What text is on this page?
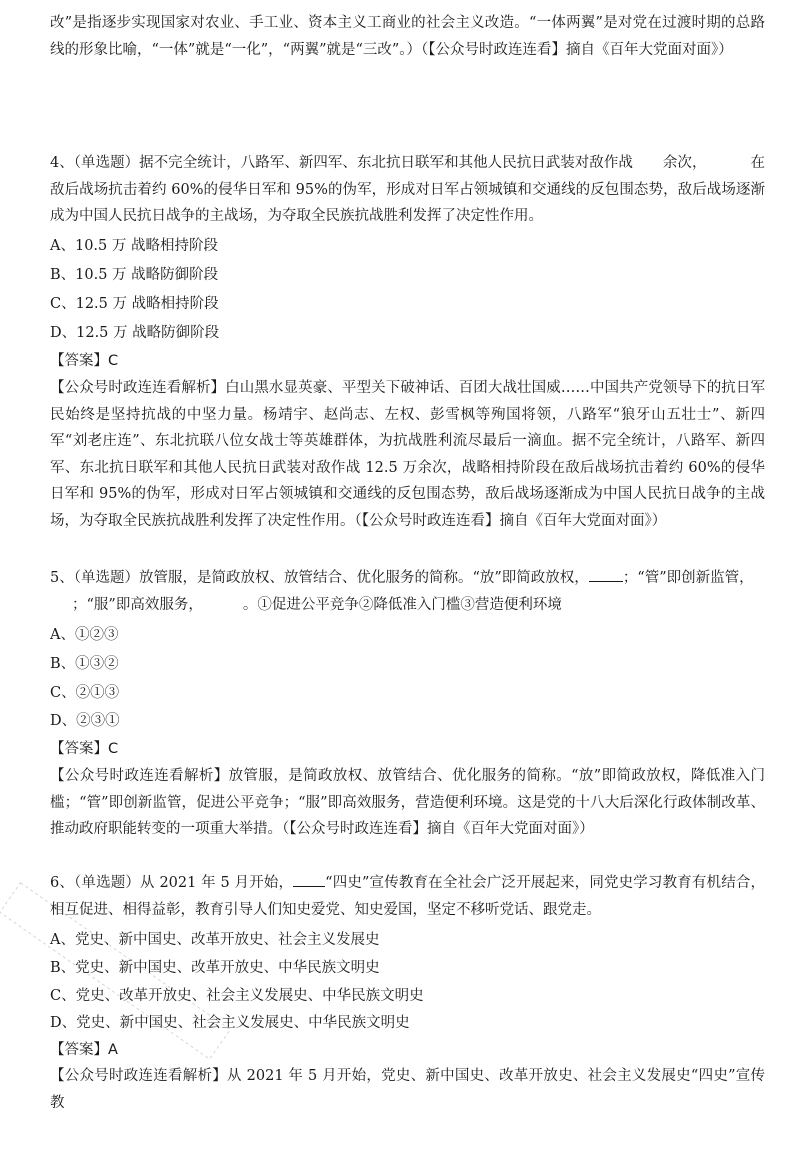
改”是指逐步实现国家对农业、手工业、资本主义工商业的社会主义改造。“一体两翼”是对党在过渡时期的总路线的形象比喻，“一体”就是“一化”，“两翼”就是“三改”。）（【公众号时政连连看】摘自《百年大党面对面》）
4、（单选题）据不完全统计，八路军、新四军、东北抗日联军和其他人民抗日武装对敌作战 余次，	在敌后战场抗击着约 60%的侵华日军和 95%的伪军，形成对日军占领城镇和交通线的反包围态势，敌后战场逐渐成为中国人民抗日战争的主战场，为夺取全民族抗战胜利发挥了决定性作用。
A、10.5 万 战略相持阶段
B、10.5 万 战略防御阶段
C、12.5 万 战略相持阶段
D、12.5 万 战略防御阶段
【答案】C
【公众号时政连连看解析】白山黑水显英豪、平型关下破神话、百团大战壮国威……中国共产党领导下的抗日军民始终是坚持抗战的中坚力量。杨靖宇、赵尚志、左权、彭雪枫等殉国将领，八路军“狼牙山五壮士”、新四军“刘老庄连”、东北抗联八位女战士等英雄群体，为抗战胜利流尽最后一滴血。据不完全统计，八路军、新四军、东北抗日联军和其他人民抗日武装对敌作战 12.5 万余次，战略相持阶段在敌后战场抗击着约 60%的侵华日军和 95%的伪军，形成对日军占领城镇和交通线的反包围态势，敌后战场逐渐成为中国人民抗日战争的主战场，为夺取全民族抗战胜利发挥了决定性作用。（【公众号时政连连看】摘自《百年大党面对面》）
5、（单选题）放管服，是简政放权、放管结合、优化服务的简称。“放”即简政放权， ；“管”即创新监管，
；“服”即高效服务，	。①促进公平竞争②降低准入门槛③营造便利环境
A、①②③
B、①③②
C、②①③
D、②③①
【答案】C
【公众号时政连连看解析】放管服，是简政放权、放管结合、优化服务的简称。“放”即简政放权，降低准入门槛；“管”即创新监管，促进公平竞争；“服”即高效服务，营造便利环境。这是党的十八大后深化行政体制改革、推动政府职能转变的一项重大举措。（【公众号时政连连看】摘自《百年大党面对面》）
6、（单选题）从 2021 年 5 月开始， “四史”宣传教育在全社会广泛开展起来，同党史学习教育有机结合，相互促进、相得益彰，教育引导人们知史爱党、知史爱国，坚定不移听党话、跟党走。
A、党史、新中国史、改革开放史、社会主义发展史
B、党史、新中国史、改革开放史、中华民族文明史
C、党史、改革开放史、社会主义发展史、中华民族文明史
D、党史、新中国史、社会主义发展史、中华民族文明史
【答案】A
【公众号时政连连看解析】从 2021 年 5 月开始，党史、新中国史、改革开放史、社会主义发展史“四史”宣传教
